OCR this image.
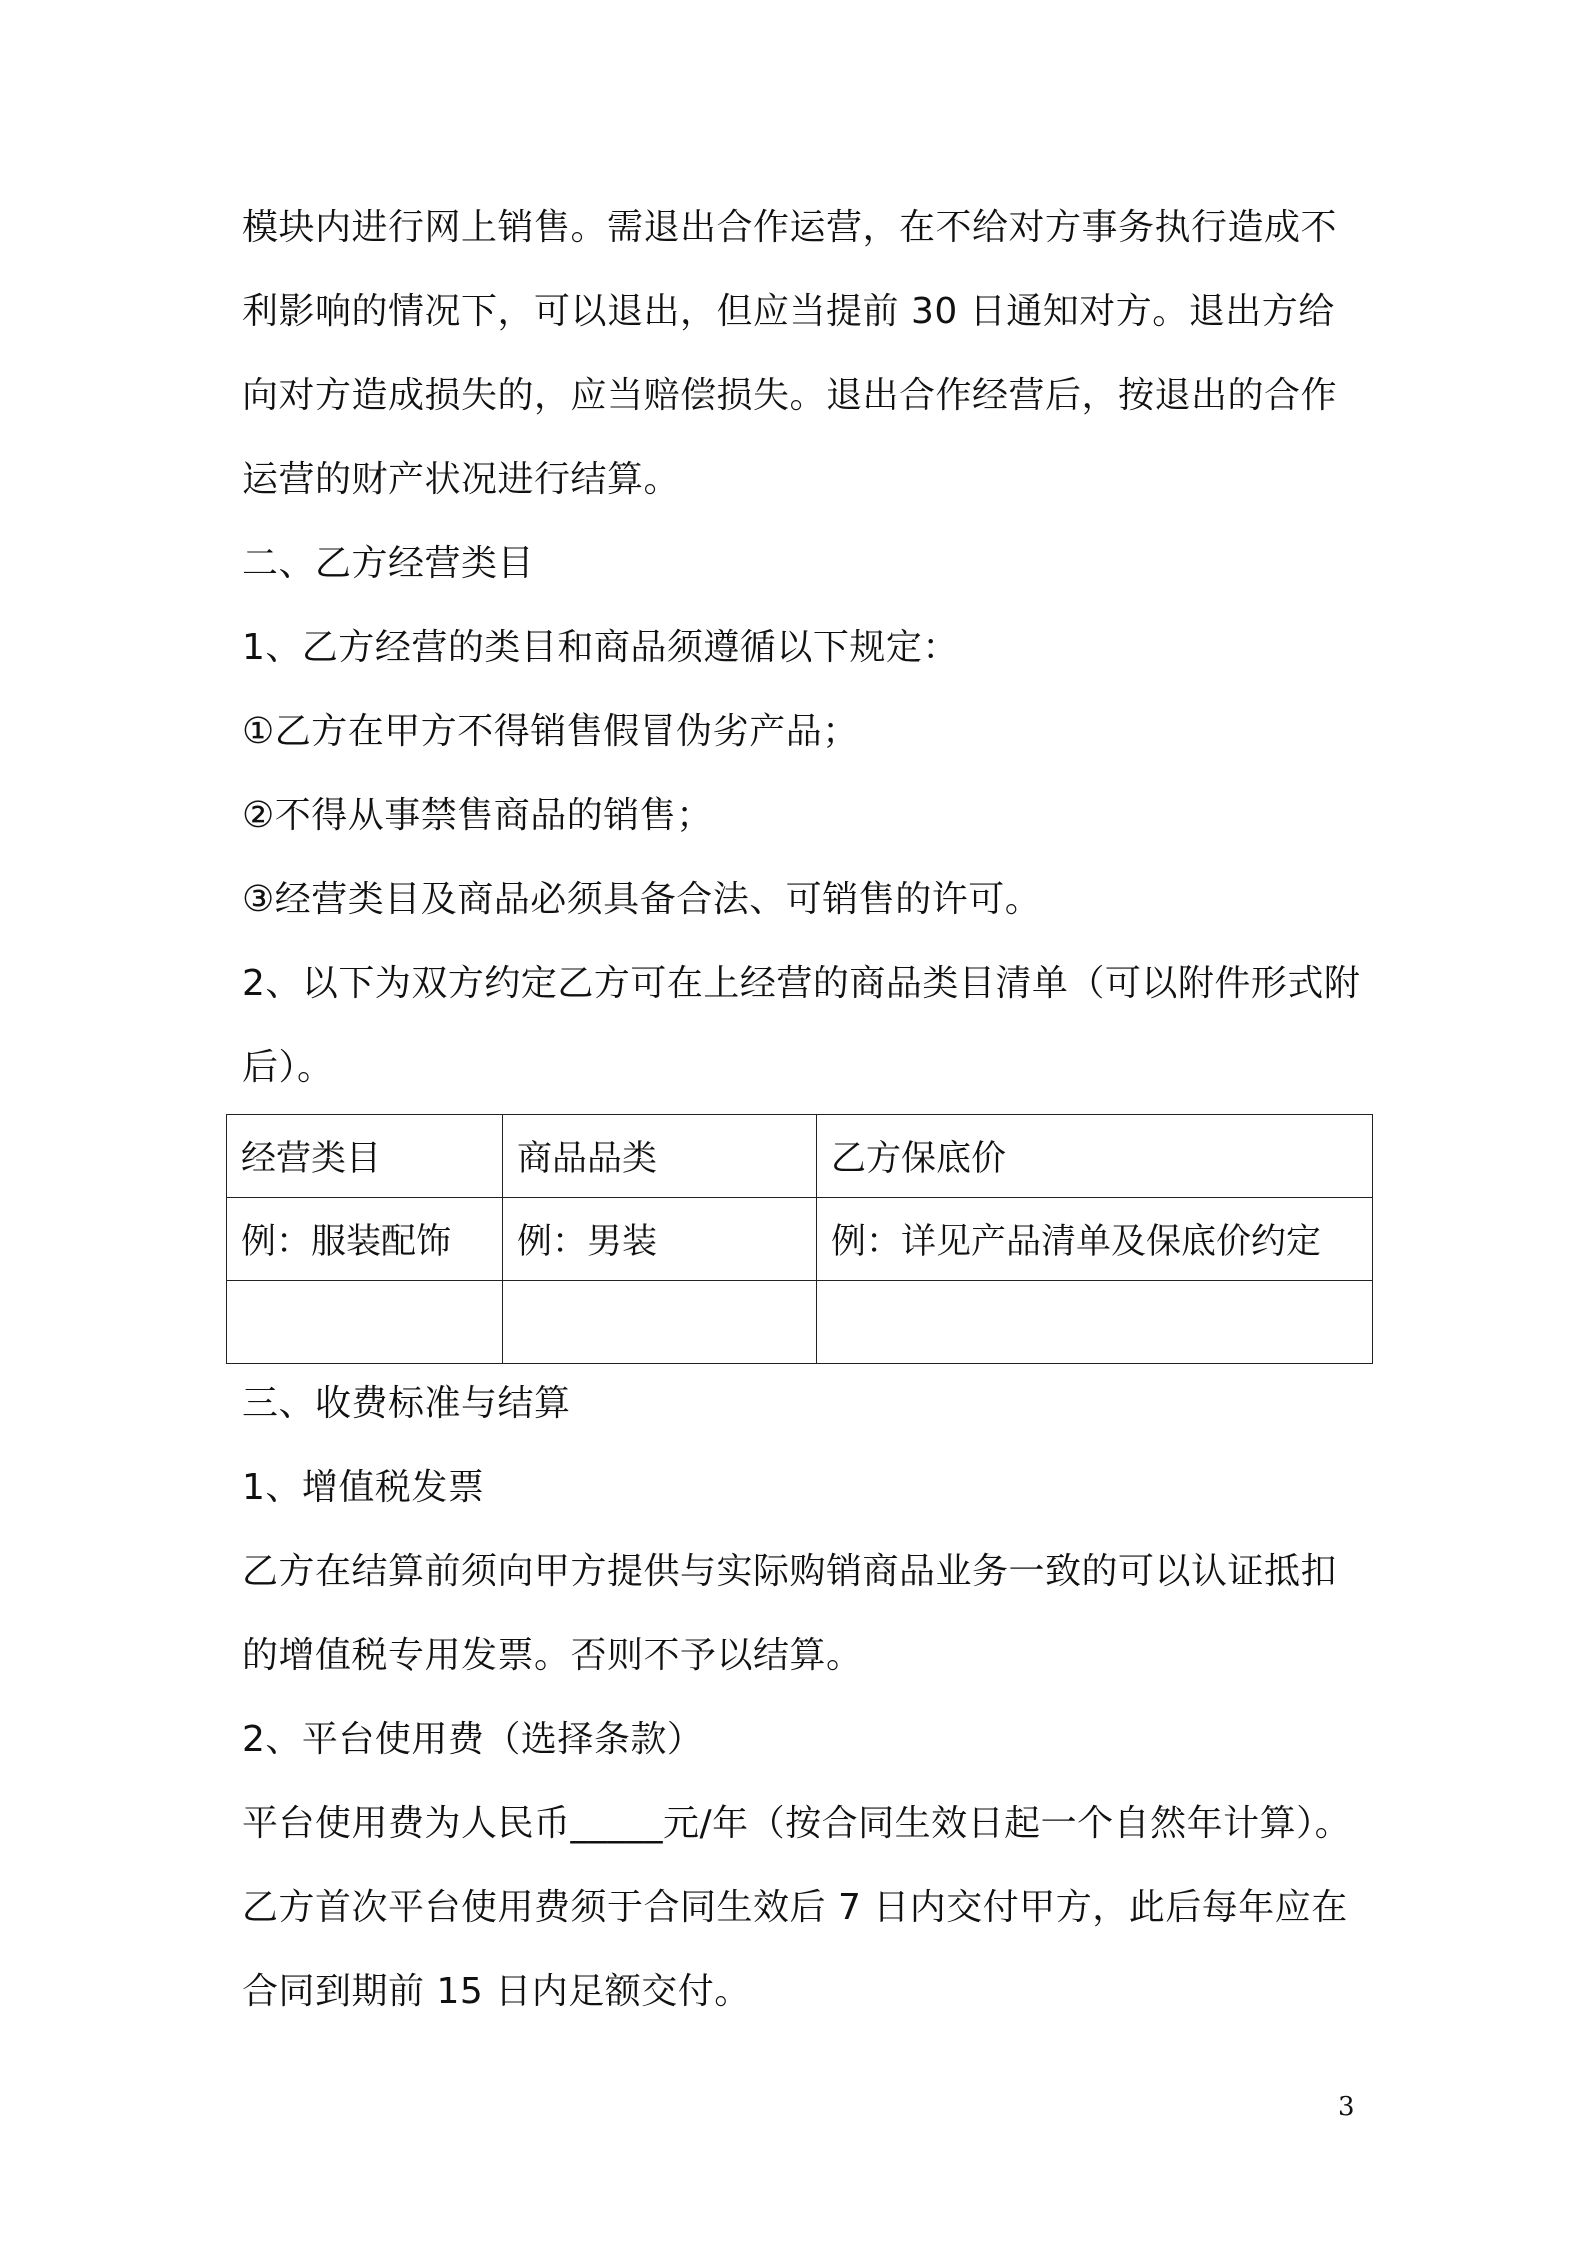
模块内进行网上销售。需退出合作运营，在不给对方事务执行造成不利影响的情况下，可以退出，但应当提前 30 日通知对方。退出方给向对方造成损失的，应当赔偿损失。退出合作经营后，按退出的合作运营的财产状况进行结算。
二、乙方经营类目
1、乙方经营的类目和商品须遵循以下规定：
①乙方在甲方不得销售假冒伪劣产品；
②不得从事禁售商品的销售；
③经营类目及商品必须具备合法、可销售的许可。
2、以下为双方约定乙方可在上经营的商品类目清单（可以附件形式附后）。
经营类目	商品品类	乙方保底价
例：服装配饰	例：男装	例：详见产品清单及保底价约定

三、收费标准与结算
1、增值税发票
乙方在结算前须向甲方提供与实际购销商品业务一致的可以认证抵扣的增值税专用发票。否则不予以结算。
2、平台使用费（选择条款）
平台使用费为人民币_____元/年（按合同生效日起一个自然年计算）。乙方首次平台使用费须于合同生效后 7 日内交付甲方，此后每年应在合同到期前 15 日内足额交付。
3
